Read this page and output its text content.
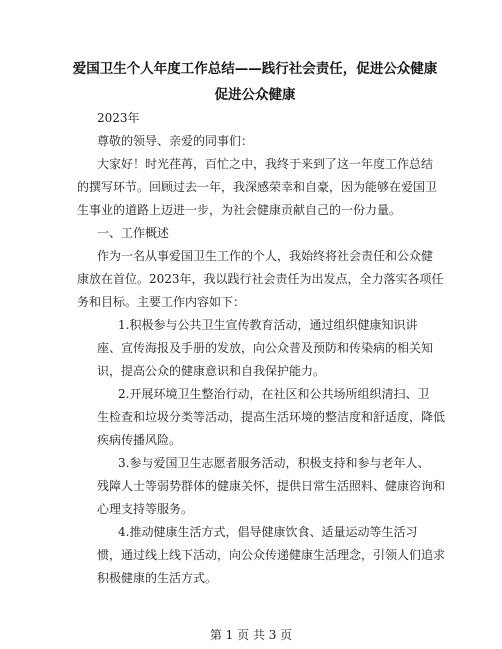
爱国卫生个人年度工作总结——践行社会责任，促进公众健康
促进公众健康
2023年
尊敬的领导、亲爱的同事们：
大家好！时光荏苒，百忙之中，我终于来到了这一年度工作总结
的撰写环节。回顾过去一年，我深感荣幸和自豪，因为能够在爱国卫
生事业的道路上迈进一步，为社会健康贡献自己的一份力量。
一、工作概述
作为一名从事爱国卫生工作的个人，我始终将社会责任和公众健
康放在首位。2023年，我以践行社会责任为出发点，全力落实各项任
务和目标。主要工作内容如下：
1.积极参与公共卫生宣传教育活动，通过组织健康知识讲
座、宣传海报及手册的发放，向公众普及预防和传染病的相关知
识，提高公众的健康意识和自我保护能力。
2.开展环境卫生整治行动，在社区和公共场所组织清扫、卫
生检查和垃圾分类等活动，提高生活环境的整洁度和舒适度，降低
疾病传播风险。
3.参与爱国卫生志愿者服务活动，积极支持和参与老年人、
残障人士等弱势群体的健康关怀，提供日常生活照料、健康咨询和
心理支持等服务。
4.推动健康生活方式，倡导健康饮食、适量运动等生活习
惯，通过线上线下活动，向公众传递健康生活理念，引领人们追求
积极健康的生活方式。
第 1 页 共 3 页
